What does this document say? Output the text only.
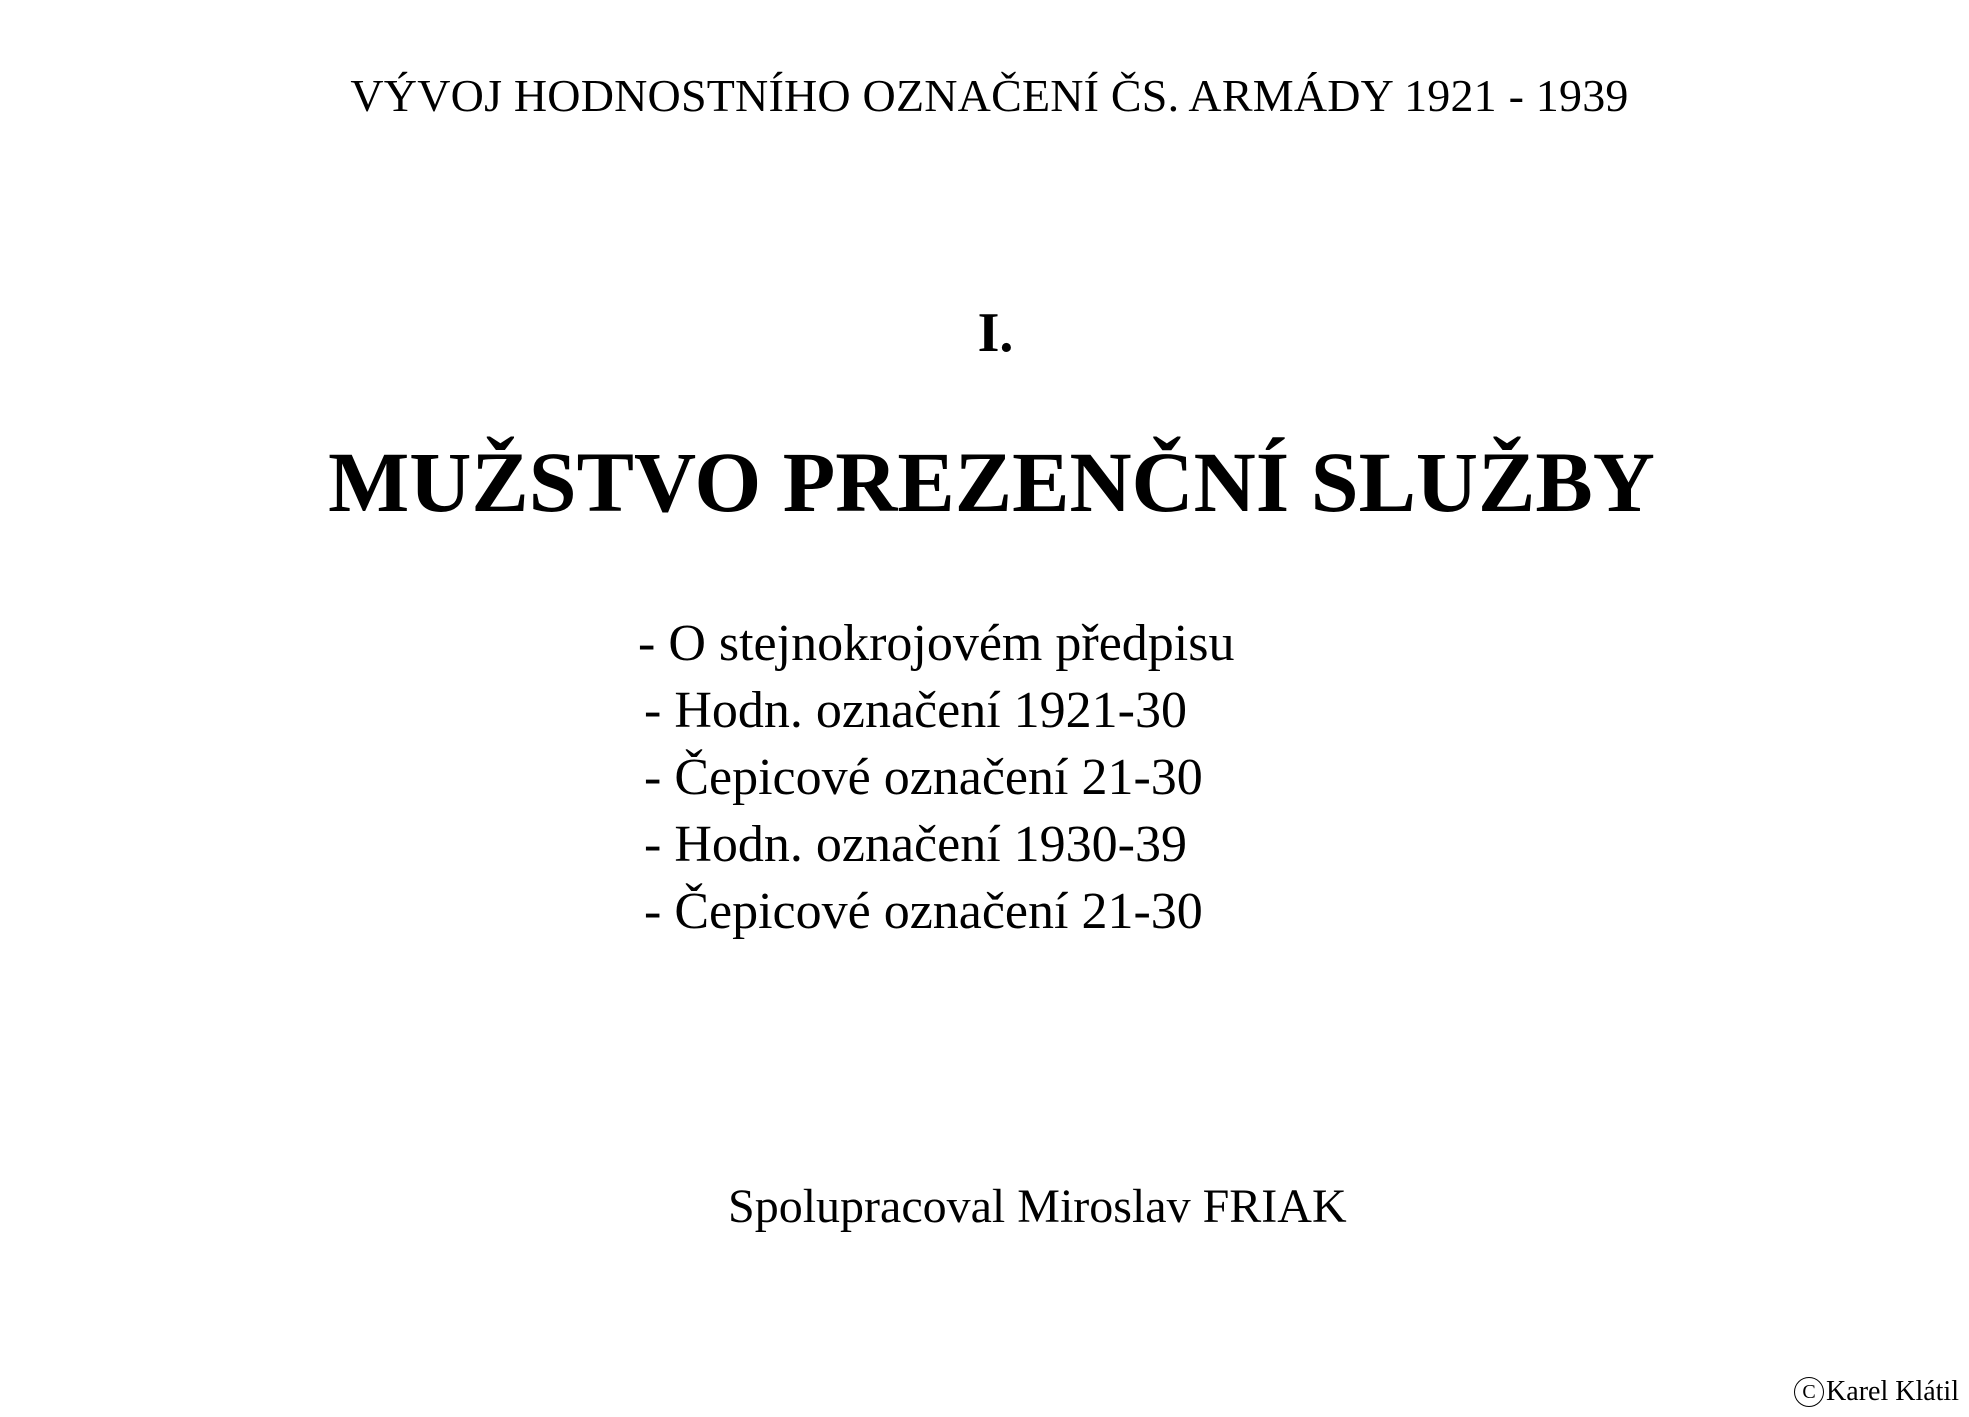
VÝVOJ HODNOSTNÍHO OZNAČENÍ ČS. ARMÁDY 1921 - 1939
I.
MUŽSTVO PREZENČNÍ SLUŽBY
- O stejnokrojovém předpisu
- Hodn. označení 1921-30
- Čepicové označení 21-30
- Hodn. označení 1930-39
- Čepicové označení 21-30
Spolupracoval Miroslav FRIAK
C Karel Klátil
